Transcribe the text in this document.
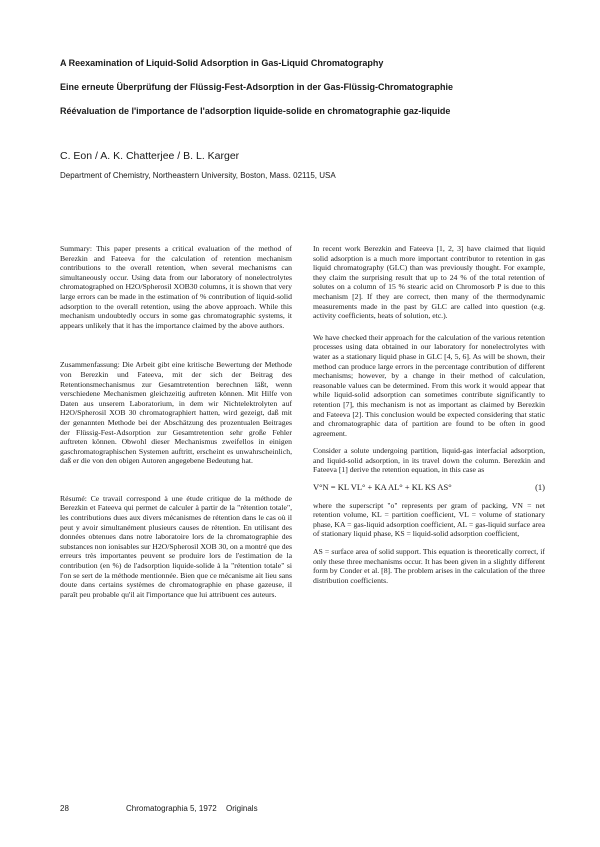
A Reexamination of Liquid-Solid Adsorption in Gas-Liquid Chromatography
Eine erneute Überprüfung der Flüssig-Fest-Adsorption in der Gas-Flüssig-Chromatographie
Réévaluation de l'importance de l'adsorption liquide-solide en chromatographie gaz-liquide
C. Eon / A. K. Chatterjee / B. L. Karger
Department of Chemistry, Northeastern University, Boston, Mass. 02115, USA

Summary: This paper presents a critical evaluation of the method of Berezkin and Fateeva for the calculation of retention mechanism contributions to the overall retention, when several mechanisms can simultaneously occur. Using data from our laboratory of nonelectrolytes chromatographed on H2O/Spherosil XOB30 columns, it is shown that very large errors can be made in the estimation of % contribution of liquid-solid adsorption to the overall retention, using the above approach. While this mechanism undoubtedly occurs in some gas chromatographic systems, it appears unlikely that it has the importance claimed by the above authors.

Zusammenfassung: Die Arbeit gibt eine kritische Bewertung der Methode von Berezkin und Fateeva, mit der sich der Beitrag des Retentionsmechanismus zur Gesamtretention berechnen läßt, wenn verschiedene Mechanismen gleichzeitig auftreten können. Mit Hilfe von Daten aus unserem Laboratorium, in dem wir Nichtelektrolyten auf H2O/Spherosil XOB 30 chromatographiert hatten, wird gezeigt, daß mit der genannten Methode bei der Abschätzung des prozentualen Beitrages der Flüssig-Fest-Adsorption zur Gesamtretention sehr große Fehler auftreten können. Obwohl dieser Mechanismus zweifellos in einigen gaschromatographischen Systemen auftritt, erscheint es unwahrscheinlich, daß er die von den obigen Autoren angegebene Bedeutung hat.

Résumé: Ce travail correspond à une étude critique de la méthode de Berezkin et Fateeva qui permet de calculer à partir de la "rétention totale", les contributions dues aux divers mécanismes de rétention dans le cas où il peut y avoir simultanément plusieurs causes de rétention. En utilisant des données obtenues dans notre laboratoire lors de la chromatographie des substances non ionisables sur H2O/Spherosil XOB 30, on a montré que des erreurs très importantes peuvent se produire lors de l'estimation de la contribution (en %) de l'adsorption liquide-solide à la "rétention totale" si l'on se sert de la méthode mentionnée. Bien que ce mécanisme ait lieu sans doute dans certains systèmes de chromatographie en phase gazeuse, il paraît peu probable qu'il ait l'importance que lui attribuent ces auteurs.

In recent work Berezkin and Fateeva [1, 2, 3] have claimed that liquid solid adsorption is a much more important contributor to retention in gas liquid chromatography (GLC) than was previously thought. For example, they claim the surprising result that up to 24 % of the total retention of solutes on a column of 15 % stearic acid on Chromosorb P is due to this mechanism [2]. If they are correct, then many of the thermodynamic measurements made in the past by GLC are called into question (e.g. activity coefficients, heats of solution, etc.).

We have checked their approach for the calculation of the various retention processes using data obtained in our laboratory for nonelectrolytes with water as a stationary liquid phase in GLC [4, 5, 6]. As will be shown, their method can produce large errors in the percentage contribution of different mechanisms; however, by a change in their method of calculation, reasonable values can be determined. From this work it would appear that while liquid-solid adsorption can sometimes contribute significantly to retention [7], this mechanism is not as important as claimed by Berezkin and Fateeva [2]. This conclusion would be expected considering that static and chromatographic data of partition are found to be often in good agreement.

Consider a solute undergoing partition, liquid-gas interfacial adsorption, and liquid-solid adsorption, in its travel down the column. Berezkin and Fateeva [1] derive the retention equation, in this case as

V°N = KL VL° + KA AL° + KL KS AS°	(1)

where the superscript "o" represents per gram of packing, VN = net retention volume, KL = partition coefficient, VL = volume of stationary phase, KA = gas-liquid adsorption coefficient, AL = gas-liquid surface area of stationary liquid phase, KS = liquid-solid adsorption coefficient,

AS = surface area of solid support. This equation is theoretically correct, if only these three mechanisms occur. It has been given in a slightly different form by Conder et al. [8]. The problem arises in the calculation of the three distribution coefficients.

28	Chromatographia 5, 1972 Originals
